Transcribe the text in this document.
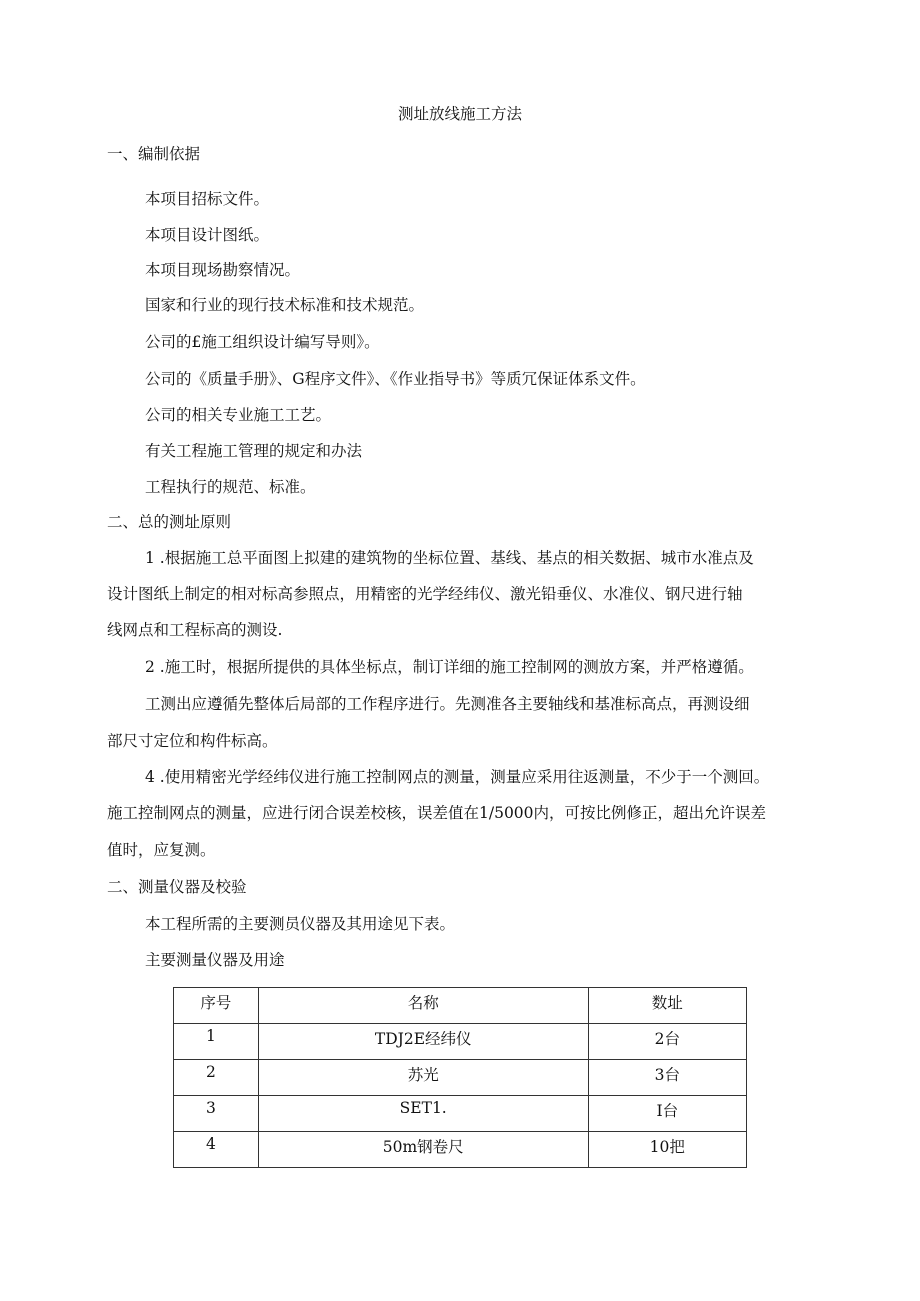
测址放线施工方法
一、编制依据
本项目招标文件。
本项目设计图纸。
本项目现场勘察情况。
国家和行业的现行技术标准和技术规范。
公司的£施工组织设计编写导则》。
公司的《质量手册》、G程序文件》、《作业指导书》等质冗保证体系文件。
公司的相关专业施工工艺。
有关工程施工管理的规定和办法
工程执行的规范、标准。
二、总的测址原则
1 .根据施工总平面图上拟建的建筑物的坐标位置、基线、基点的相关数据、城市水准点及
设计图纸上制定的相对标高参照点，用精密的光学经纬仪、激光铅垂仪、水准仪、钢尺进行轴
线网点和工程标高的测设.
2 .施工时，根据所提供的具体坐标点，制订详细的施工控制网的测放方案，并严格遵循。
工测出应遵循先整体后局部的工作程序进行。先测准各主要轴线和基准标高点，再测设细
部尺寸定位和构件标高。
4 .使用精密光学经纬仪进行施工控制网点的测量，测量应采用往返测量，不少于一个测回。
施工控制网点的测量，应进行闭合误差校核，误差值在1/5000内，可按比例修正，超出允许误差
值时，应复测。
二、测量仪器及校验
本工程所需的主要测员仪器及其用途见下表。
主要测量仪器及用途
序号	名称	数址

1	TDJ2E经纬仪	2台

2	苏光	3台

3	SET1.	I台

4	50m钢卷尺	10把
